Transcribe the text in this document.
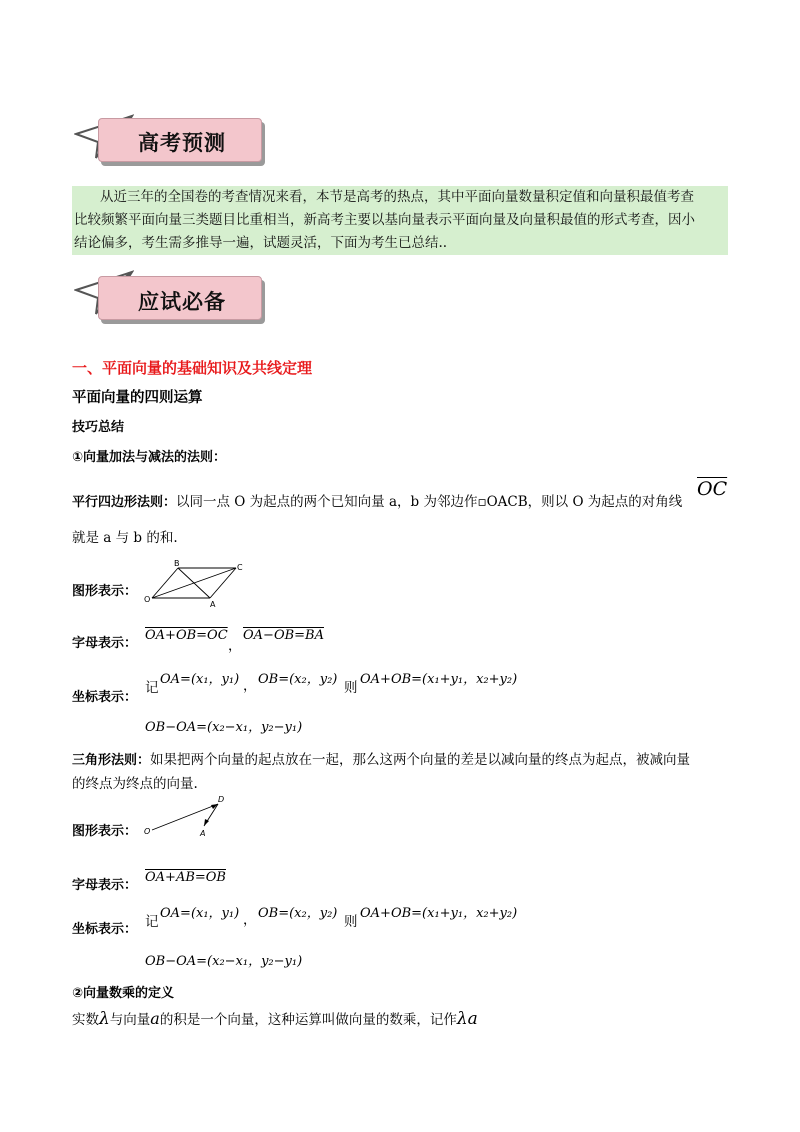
高考预测
从近三年的全国卷的考查情况来看，本节是高考的热点，其中平面向量数量积定值和向量积最值考查
比较频繁平面向量三类题目比重相当，新高考主要以基向量表示平面向量及向量积最值的形式考查，因小
结论偏多，考生需多推导一遍，试题灵活，下面为考生已总结..
应试必备
一、平面向量的基础知识及共线定理
平面向量的四则运算
技巧总结
①向量加法与减法的法则：
平行四边形法则：以同一点 O 为起点的两个已知向量 a，b 为邻边作▫OACB，则以 O 为起点的对角线
$\overline{OC}$
就是 a 与 b 的和.
图形表示：
B	C
O
A
字母表示：
OA+OB=OC
，
OA−OB=BA
记
OA=(x₁，y₁) ， OB=(x₂，y₂)
则
OA+OB=(x₁+y₁，x₂+y₂)
坐标表示：
OB−OA=(x₂−x₁，y₂−y₁)
三角形法则：如果把两个向量的起点放在一起，那么这两个向量的差是以减向量的终点为起点，被减向量
的终点为终点的向量.
图形表示：
D
O	A
字母表示：
OA+AB=OB
记
OA=(x₁，y₁) ， OB=(x₂，y₂)
则
OA+OB=(x₁+y₁，x₂+y₂)
坐标表示：
OB−OA=(x₂−x₁，y₂−y₁)
②向量数乘的定义
实数λ与向量a的积是一个向量，这种运算叫做向量的数乘，记作λa
